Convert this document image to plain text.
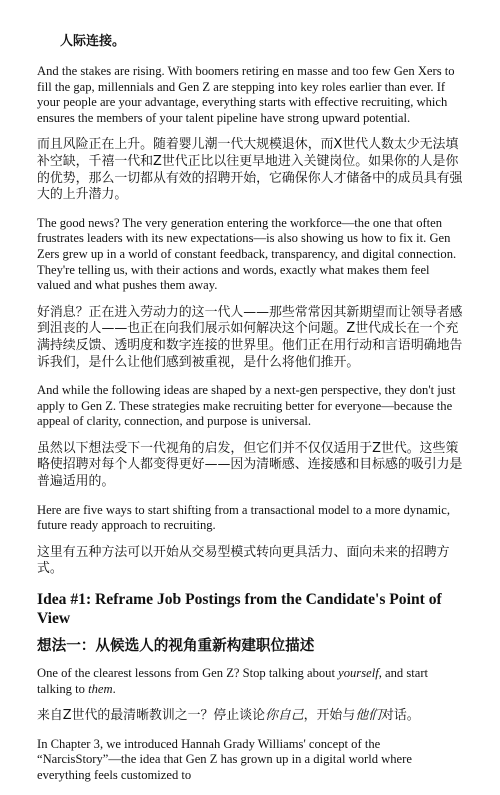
人际连接。

And the stakes are rising. With boomers retiring en masse and too few Gen Xers to fill the gap, millennials and Gen Z are stepping into key roles earlier than ever. If your people are your advantage, everything starts with effective recruiting, which ensures the members of your talent pipeline have strong upward potential.

而且风险正在上升。随着婴儿潮一代大规模退休，而X世代人数太少无法填补空缺，千禧一代和Z世代正比以往更早地进入关键岗位。如果你的人是你的优势，那么一切都从有效的招聘开始，它确保你人才储备中的成员具有强大的上升潜力。

The good news? The very generation entering the workforce—the one that often frustrates leaders with its new expectations—is also showing us how to fix it. Gen Zers grew up in a world of constant feedback, transparency, and digital connection. They're telling us, with their actions and words, exactly what makes them feel valued and what pushes them away.

好消息？正在进入劳动力的这一代人——那些常常因其新期望而让领导者感到沮丧的人——也正在向我们展示如何解决这个问题。Z世代成长在一个充满持续反馈、透明度和数字连接的世界里。他们正在用行动和言语明确地告诉我们，是什么让他们感到被重视，是什么将他们推开。

And while the following ideas are shaped by a next-gen perspective, they don't just apply to Gen Z. These strategies make recruiting better for everyone—because the appeal of clarity, connection, and purpose is universal.

虽然以下想法受下一代视角的启发，但它们并不仅仅适用于Z世代。这些策略使招聘对每个人都变得更好——因为清晰感、连接感和目标感的吸引力是普遍适用的。

Here are five ways to start shifting from a transactional model to a more dynamic, future ready approach to recruiting.

这里有五种方法可以开始从交易型模式转向更具活力、面向未来的招聘方式。

Idea #1: Reframe Job Postings from the Candidate's Point of View
想法一：从候选人的视角重新构建职位描述

One of the clearest lessons from Gen Z? Stop talking about yourself, and start talking to them.

来自Z世代的最清晰教训之一？停止谈论你自己，开始与他们对话。

In Chapter 3, we introduced Hannah Grady Williams' concept of the “NarcisStory”—the idea that Gen Z has grown up in a digital world where everything feels customized to
